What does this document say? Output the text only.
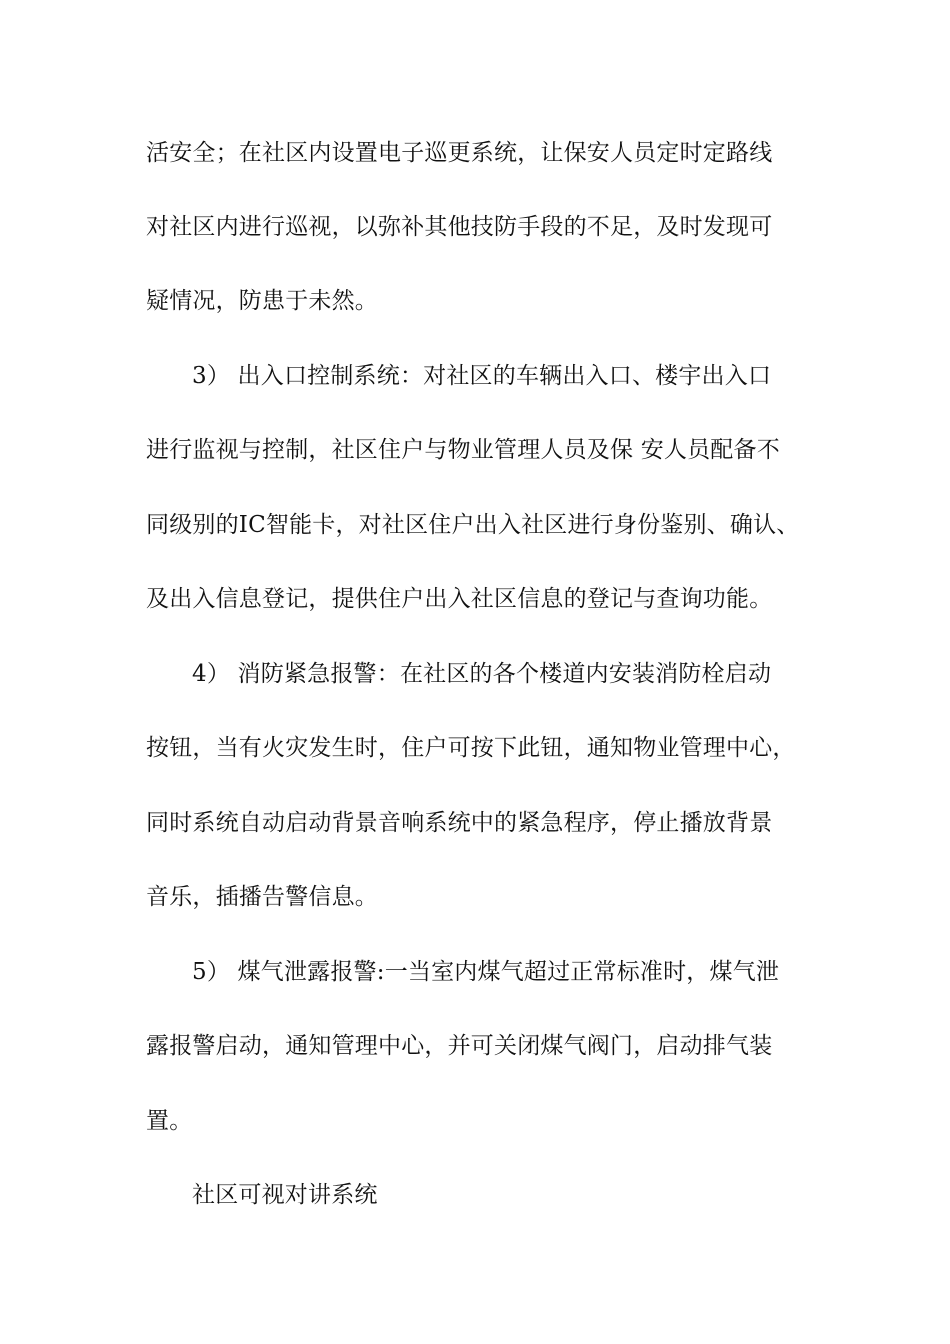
活安全；在社区内设置电子巡更系统，让保安人员定时定路线
对社区内进行巡视，以弥补其他技防手段的不足，及时发现可
疑情况，防患于未然。
3） 出入口控制系统：对社区的车辆出入口、楼宇出入口
进行监视与控制，社区住户与物业管理人员及保 安人员配备不
同级别的IC智能卡，对社区住户出入社区进行身份鉴别、确认、
及出入信息登记，提供住户出入社区信息的登记与查询功能。
4） 消防紧急报警：在社区的各个楼道内安装消防栓启动
按钮，当有火灾发生时，住户可按下此钮，通知物业管理中心，
同时系统自动启动背景音响系统中的紧急程序，停止播放背景
音乐，插播告警信息。
5） 煤气泄露报警:一当室内煤气超过正常标准时，煤气泄
露报警启动，通知管理中心，并可关闭煤气阀门，启动排气装
置。
社区可视对讲系统
